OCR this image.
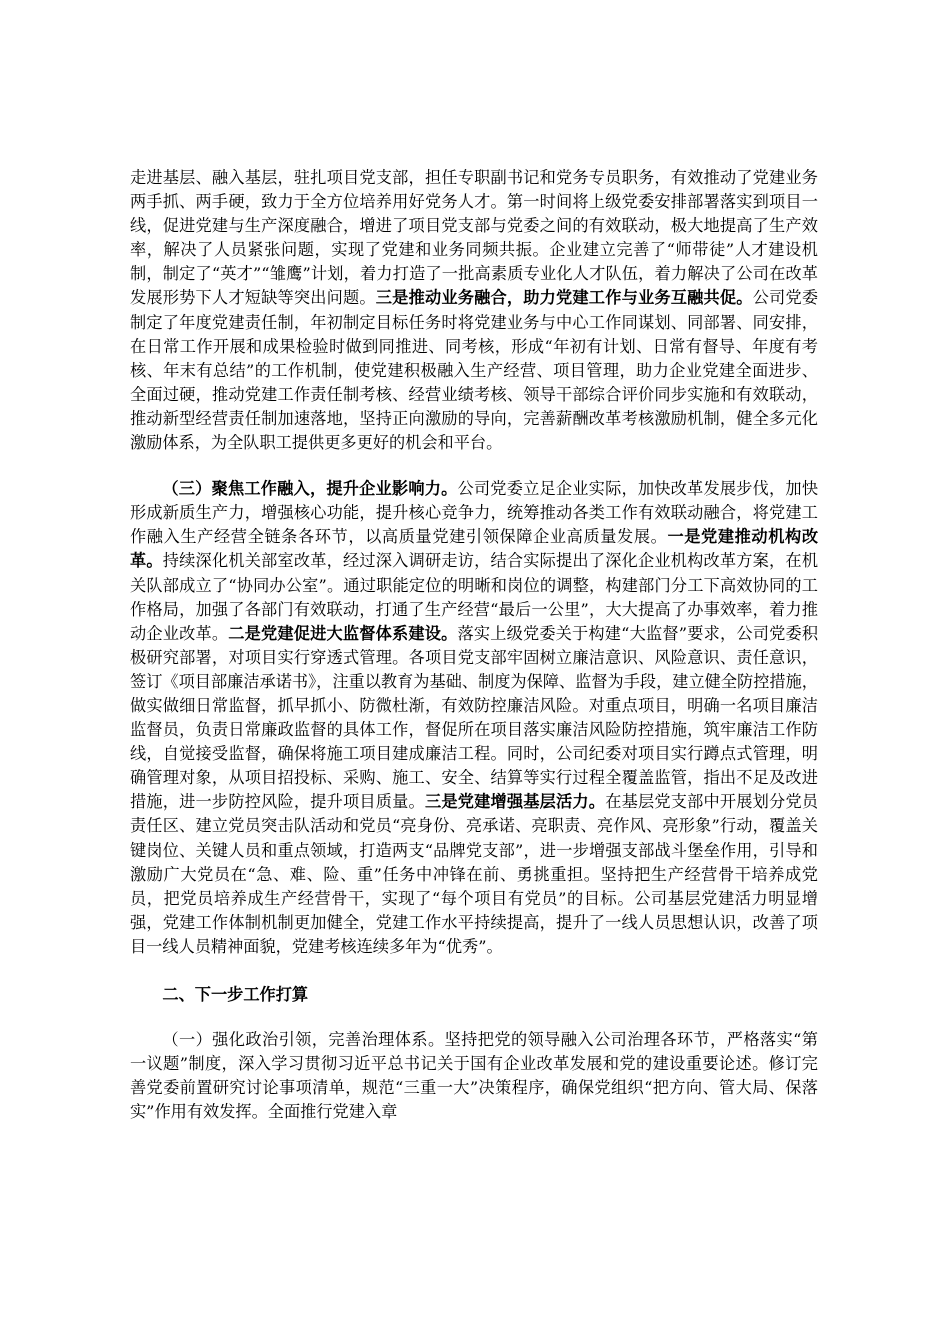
走进基层、融入基层，驻扎项目党支部，担任专职副书记和党务专员职务，有效推动了党建业务两手抓、两手硬，致力于全方位培养用好党务人才。第一时间将上级党委安排部署落实到项目一线，促进党建与生产深度融合，增进了项目党支部与党委之间的有效联动，极大地提高了生产效率，解决了人员紧张问题，实现了党建和业务同频共振。企业建立完善了“师带徒”人才建设机制，制定了“英才”“雏鹰”计划，着力打造了一批高素质专业化人才队伍，着力解决了公司在改革发展形势下人才短缺等突出问题。三是推动业务融合，助力党建工作与业务互融共促。公司党委制定了年度党建责任制，年初制定目标任务时将党建业务与中心工作同谋划、同部署、同安排，在日常工作开展和成果检验时做到同推进、同考核，形成“年初有计划、日常有督导、年度有考核、年末有总结”的工作机制，使党建积极融入生产经营、项目管理，助力企业党建全面进步、全面过硬，推动党建工作责任制考核、经营业绩考核、领导干部综合评价同步实施和有效联动，推动新型经营责任制加速落地，坚持正向激励的导向，完善薪酬改革考核激励机制，健全多元化激励体系，为全队职工提供更多更好的机会和平台。

（三）聚焦工作融入，提升企业影响力。公司党委立足企业实际，加快改革发展步伐，加快形成新质生产力，增强核心功能，提升核心竞争力，统筹推动各类工作有效联动融合，将党建工作融入生产经营全链条各环节，以高质量党建引领保障企业高质量发展。一是党建推动机构改革。持续深化机关部室改革，经过深入调研走访，结合实际提出了深化企业机构改革方案，在机关队部成立了“协同办公室”。通过职能定位的明晰和岗位的调整，构建部门分工下高效协同的工作格局，加强了各部门有效联动，打通了生产经营“最后一公里”，大大提高了办事效率，着力推动企业改革。二是党建促进大监督体系建设。落实上级党委关于构建“大监督”要求，公司党委积极研究部署，对项目实行穿透式管理。各项目党支部牢固树立廉洁意识、风险意识、责任意识，签订《项目部廉洁承诺书》，注重以教育为基础、制度为保障、监督为手段，建立健全防控措施，做实做细日常监督，抓早抓小、防微杜渐，有效防控廉洁风险。对重点项目，明确一名项目廉洁监督员，负责日常廉政监督的具体工作，督促所在项目落实廉洁风险防控措施，筑牢廉洁工作防线，自觉接受监督，确保将施工项目建成廉洁工程。同时，公司纪委对项目实行蹲点式管理，明确管理对象，从项目招投标、采购、施工、安全、结算等实行过程全覆盖监管，指出不足及改进措施，进一步防控风险，提升项目质量。三是党建增强基层活力。在基层党支部中开展划分党员责任区、建立党员突击队活动和党员“亮身份、亮承诺、亮职责、亮作风、亮形象”行动，覆盖关键岗位、关键人员和重点领域，打造两支“品牌党支部”，进一步增强支部战斗堡垒作用，引导和激励广大党员在“急、难、险、重”任务中冲锋在前、勇挑重担。坚持把生产经营骨干培养成党员，把党员培养成生产经营骨干，实现了“每个项目有党员”的目标。公司基层党建活力明显增强，党建工作体制机制更加健全，党建工作水平持续提高，提升了一线人员思想认识，改善了项目一线人员精神面貌，党建考核连续多年为“优秀”。

二、下一步工作打算

（一）强化政治引领，完善治理体系。坚持把党的领导融入公司治理各环节，严格落实“第一议题”制度，深入学习贯彻习近平总书记关于国有企业改革发展和党的建设重要论述。修订完善党委前置研究讨论事项清单，规范“三重一大”决策程序，确保党组织“把方向、管大局、保落实”作用有效发挥。全面推行党建入章
